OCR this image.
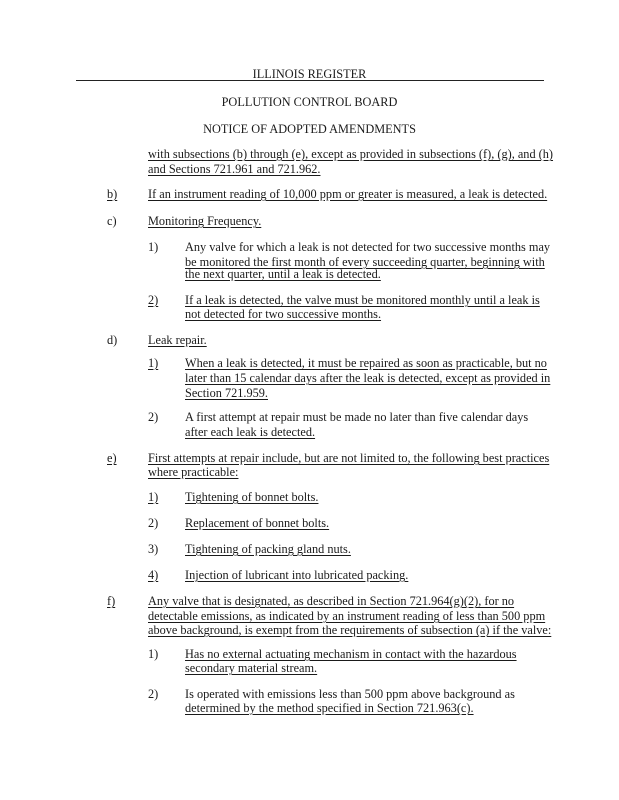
ILLINOIS REGISTER
POLLUTION CONTROL BOARD
NOTICE OF ADOPTED AMENDMENTS
with subsections (b) through (e), except as provided in subsections (f), (g), and (h)
and Sections 721.961 and 721.962.
b)	If an instrument reading of 10,000 ppm or greater is measured, a leak is detected.
c)	Monitoring Frequency.
1)	Any valve for which a leak is not detected for two successive months may
be monitored the first month of every succeeding quarter, beginning with
the next quarter, until a leak is detected.
2)	If a leak is detected, the valve must be monitored monthly until a leak is
not detected for two successive months.
d)	Leak repair.
1)	When a leak is detected, it must be repaired as soon as practicable, but no
later than 15 calendar days after the leak is detected, except as provided in
Section 721.959.
2)	A first attempt at repair must be made no later than five calendar days
after each leak is detected.
e)	First attempts at repair include, but are not limited to, the following best practices
where practicable:
1)	Tightening of bonnet bolts.
2)	Replacement of bonnet bolts.
3)	Tightening of packing gland nuts.
4)	Injection of lubricant into lubricated packing.
f)	Any valve that is designated, as described in Section 721.964(g)(2), for no
detectable emissions, as indicated by an instrument reading of less than 500 ppm
above background, is exempt from the requirements of subsection (a) if the valve:
1)	Has no external actuating mechanism in contact with the hazardous
secondary material stream.
2)	Is operated with emissions less than 500 ppm above background as
determined by the method specified in Section 721.963(c).
